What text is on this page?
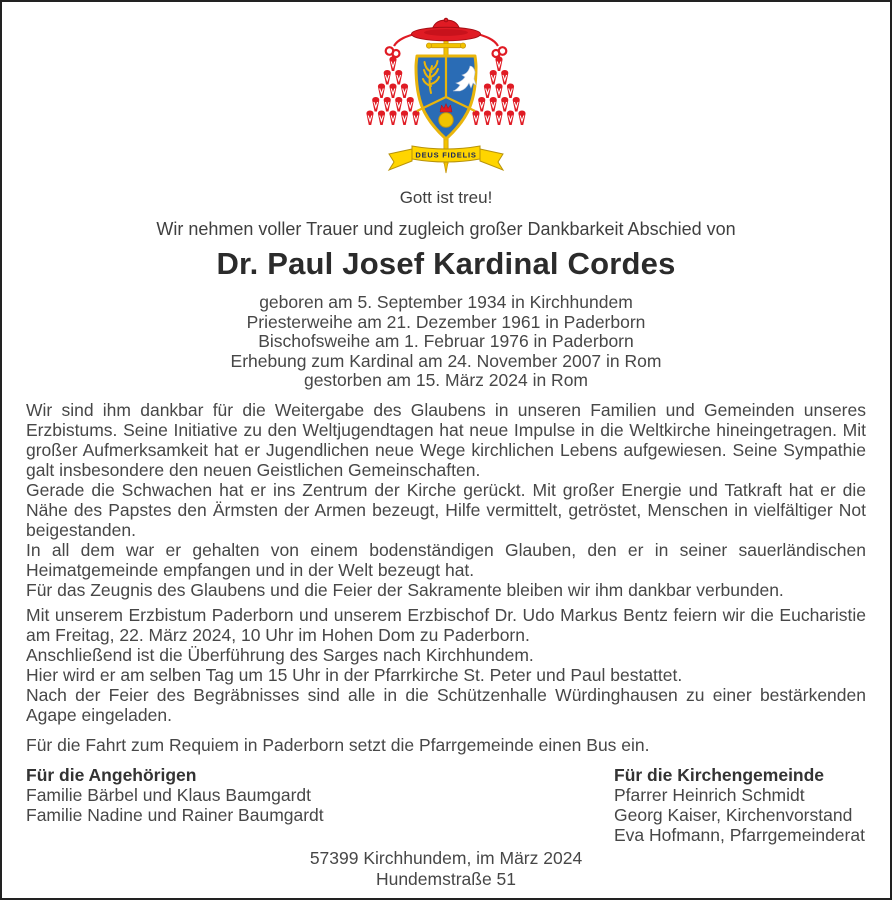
DEUS FIDELIS
Gott ist treu!
Wir nehmen voller Trauer und zugleich großer Dankbarkeit Abschied von
Dr. Paul Josef Kardinal Cordes
geboren am 5. September 1934 in Kirchhundem
Priesterweihe am 21. Dezember 1961 in Paderborn
Bischofsweihe am 1. Februar 1976 in Paderborn
Erhebung zum Kardinal am 24. November 2007 in Rom
gestorben am 15. März 2024 in Rom

Wir sind ihm dankbar für die Weitergabe des Glaubens in unseren Familien und Gemeinden unseres Erzbistums. Seine Initiative zu den Weltjugendtagen hat neue Impulse in die Weltkirche hineingetragen. Mit großer Aufmerksamkeit hat er Jugendlichen neue Wege kirchlichen Lebens aufgewiesen. Seine Sympathie galt insbesondere den neuen Geistlichen Gemeinschaften.

Gerade die Schwachen hat er ins Zentrum der Kirche gerückt. Mit großer Energie und Tatkraft hat er die Nähe des Papstes den Ärmsten der Armen bezeugt, Hilfe vermittelt, getröstet, Menschen in vielfältiger Not beigestanden.

In all dem war er gehalten von einem bodenständigen Glauben, den er in seiner sauerländischen Heimatgemeinde empfangen und in der Welt bezeugt hat.

Für das Zeugnis des Glaubens und die Feier der Sakramente bleiben wir ihm dankbar verbunden.

Mit unserem Erzbistum Paderborn und unserem Erzbischof Dr. Udo Markus Bentz feiern wir die Eucharistie am Freitag, 22. März 2024, 10 Uhr im Hohen Dom zu Paderborn.

Anschließend ist die Überführung des Sarges nach Kirchhundem.

Hier wird er am selben Tag um 15 Uhr in der Pfarrkirche St. Peter und Paul bestattet.

Nach der Feier des Begräbnisses sind alle in die Schützenhalle Würdinghausen zu einer bestärkenden Agape eingeladen.

Für die Fahrt zum Requiem in Paderborn setzt die Pfarrgemeinde einen Bus ein.

Für die Angehörigen
Familie Bärbel und Klaus Baumgardt
Familie Nadine und Rainer Baumgardt
Für die Kirchengemeinde
Pfarrer Heinrich Schmidt
Georg Kaiser, Kirchenvorstand
Eva Hofmann, Pfarrgemeinderat
57399 Kirchhundem, im März 2024
Hundemstraße 51
